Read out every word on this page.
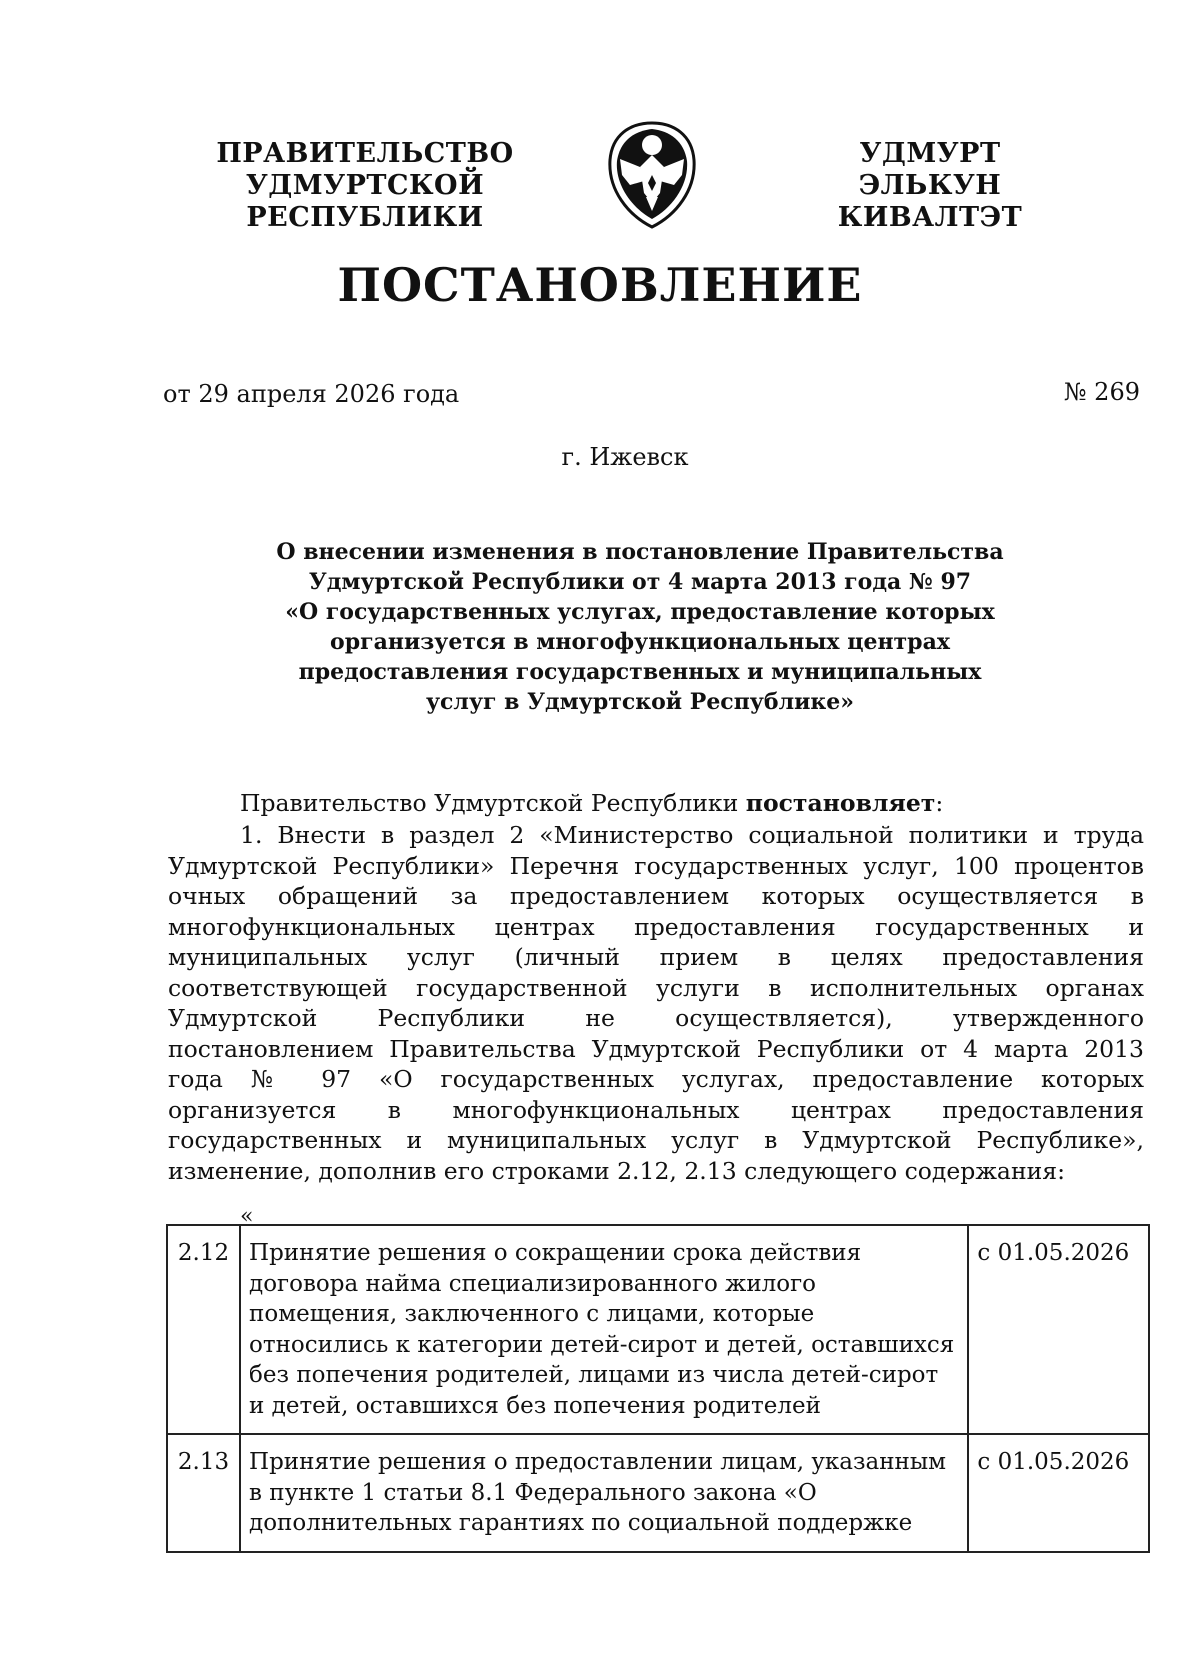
ПРАВИТЕЛЬСТВО
УДМУРТСКОЙ РЕСПУБЛИКИ
УДМУРТ ЭЛЬКУН
КИВАЛТЭТ
ПОСТАНОВЛЕНИЕ
от 29 апреля 2026 года	№ 269
г. Ижевск
О внесении изменения в постановление Правительства
Удмуртской Республики от 4 марта 2013 года № 97
«О государственных услугах, предоставление которых
организуется в многофункциональных центрах
предоставления государственных и муниципальных
услуг в Удмуртской Республике»
Правительство Удмуртской Республики постановляет:
1. Внести в раздел 2 «Министерство социальной политики и труда Удмуртской Республики» Перечня государственных услуг, 100 процентов очных обращений за предоставлением которых осуществляется в многофункциональных центрах предоставления государственных и муниципальных услуг (личный прием в целях предоставления соответствующей государственной услуги в исполнительных органах Удмуртской Республики не осуществляется), утвержденного постановлением Правительства Удмуртской Республики от 4 марта 2013 года № 97 «О государственных услугах, предоставление которых организуется в многофункциональных центрах предоставления государственных и муниципальных услуг в Удмуртской Республике», изменение, дополнив его строками 2.12, 2.13 следующего содержания:
«
2.12	Принятие решения о сокращении срока действия договора найма специализированного жилого помещения, заключенного с лицами, которые относились к категории детей-сирот и детей, оставшихся без попечения родителей, лицами из числа детей-сирот и детей, оставшихся без попечения родителей	с 01.05.2026
2.13	Принятие решения о предоставлении лицам, указанным в пункте 1 статьи 8.1 Федерального закона «О дополнительных гарантиях по социальной поддержке	с 01.05.2026
